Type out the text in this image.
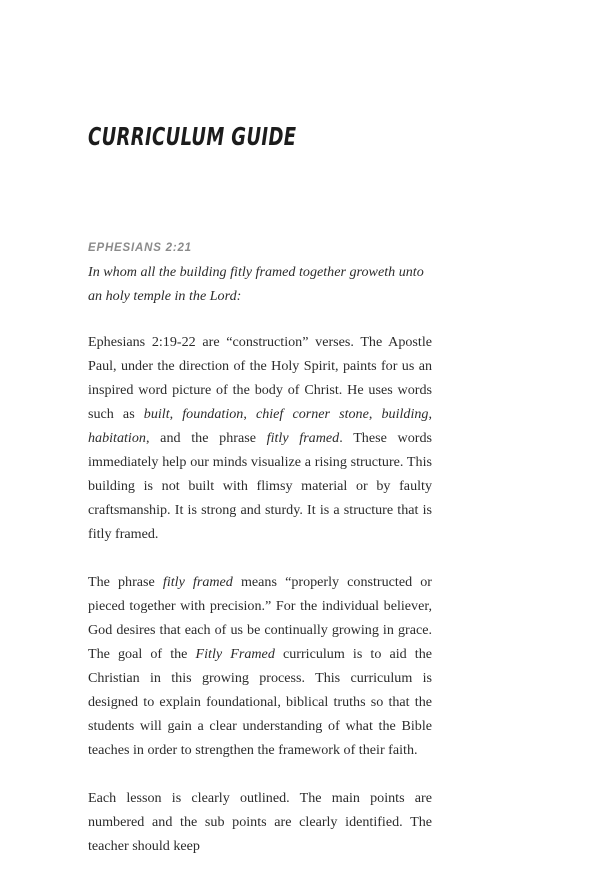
CURRICULUM GUIDE
EPHESIANS 2:21
In whom all the building fitly framed together groweth unto an holy temple in the Lord:

Ephesians 2:19-22 are “construction” verses. The Apostle Paul, under the direction of the Holy Spirit, paints for us an inspired word picture of the body of Christ. He uses words such as built, foundation, chief corner stone, building, habitation, and the phrase fitly framed. These words immediately help our minds visualize a rising structure. This building is not built with flimsy material or by faulty craftsmanship. It is strong and sturdy. It is a structure that is fitly framed.

The phrase fitly framed means “properly constructed or pieced together with precision.” For the individual believer, God desires that each of us be continually growing in grace. The goal of the Fitly Framed curriculum is to aid the Christian in this growing process. This curriculum is designed to explain foundational, biblical truths so that the students will gain a clear understanding of what the Bible teaches in order to strengthen the framework of their faith.

Each lesson is clearly outlined. The main points are numbered and the sub points are clearly identified. The teacher should keep
